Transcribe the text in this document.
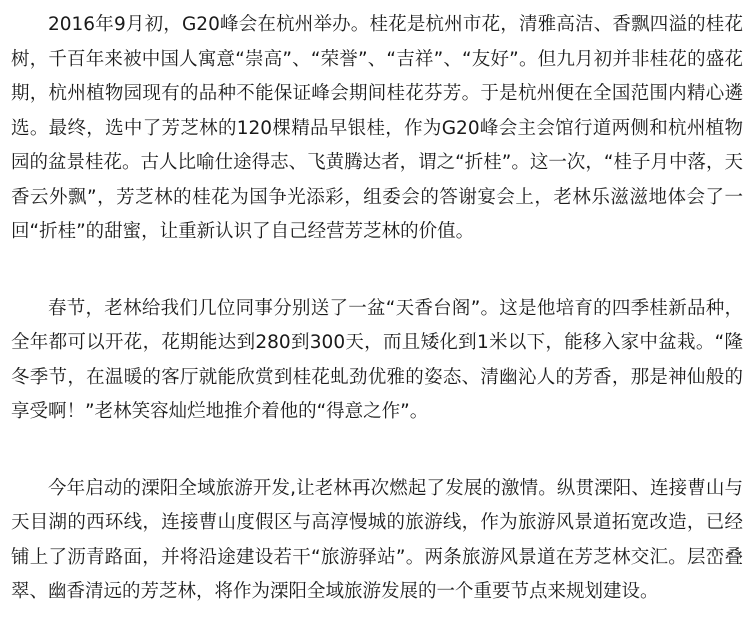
2016年9月初，G20峰会在杭州举办。桂花是杭州市花，清雅高洁、香飘四溢的桂花树，千百年来被中国人寓意“崇高”、“荣誉”、“吉祥”、“友好”。但九月初并非桂花的盛花期，杭州植物园现有的品种不能保证峰会期间桂花芬芳。于是杭州便在全国范围内精心遴选。最终，选中了芳芝林的120棵精品早银桂，作为G20峰会主会馆行道两侧和杭州植物园的盆景桂花。古人比喻仕途得志、飞黄腾达者，谓之“折桂”。这一次，“桂子月中落，天香云外飘”，芳芝林的桂花为国争光添彩，组委会的答谢宴会上，老林乐滋滋地体会了一回“折桂”的甜蜜，让重新认识了自己经营芳芝林的价值。

春节，老林给我们几位同事分别送了一盆“天香台阁”。这是他培育的四季桂新品种，全年都可以开花，花期能达到280到300天，而且矮化到1米以下，能移入家中盆栽。“隆冬季节，在温暖的客厅就能欣赏到桂花虬劲优雅的姿态、清幽沁人的芳香，那是神仙般的享受啊！”老林笑容灿烂地推介着他的“得意之作”。

今年启动的溧阳全域旅游开发,让老林再次燃起了发展的激情。纵贯溧阳、连接曹山与天目湖的西环线，连接曹山度假区与高淳慢城的旅游线，作为旅游风景道拓宽改造，已经铺上了沥青路面，并将沿途建设若干“旅游驿站”。两条旅游风景道在芳芝林交汇。层峦叠翠、幽香清远的芳芝林，将作为溧阳全域旅游发展的一个重要节点来规划建设。
